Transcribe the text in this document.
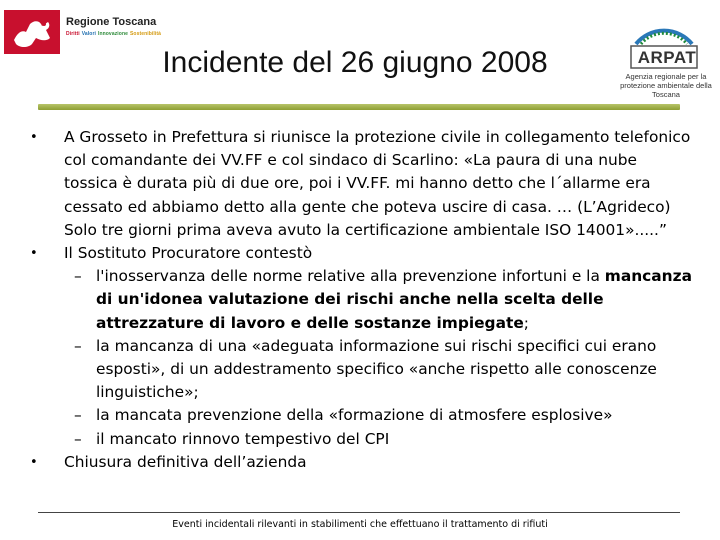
Regione Toscana
Diritti Valori Innovazione Sostenibilità
Incidente del 26 giugno 2008	ARPAT
Agenzia regionale per la protezione ambientale della Toscana
• A Grosseto in Prefettura si riunisce la protezione civile in collegamento telefonico col comandante dei VV.FF e col sindaco di Scarlino: «La paura di una nube tossica è durata più di due ore, poi i VV.FF. mi hanno detto che l´allarme era cessato ed abbiamo detto alla gente che poteva uscire di casa. … (L’Agrideco) Solo tre giorni prima aveva avuto la certificazione ambientale ISO 14001».....”
• Il Sostituto Procuratore contestò
– l'inosservanza delle norme relative alla prevenzione infortuni e la mancanza di un'idonea valutazione dei rischi anche nella scelta delle attrezzature di lavoro e delle sostanze impiegate;
– la mancanza di una «adeguata informazione sui rischi specifici cui erano esposti», di un addestramento specifico «anche rispetto alle conoscenze linguistiche»;
– la mancata prevenzione della «formazione di atmosfere esplosive»
– il mancato rinnovo tempestivo del CPI
• Chiusura definitiva dell’azienda
Eventi incidentali rilevanti in stabilimenti che effettuano il trattamento di rifiuti
